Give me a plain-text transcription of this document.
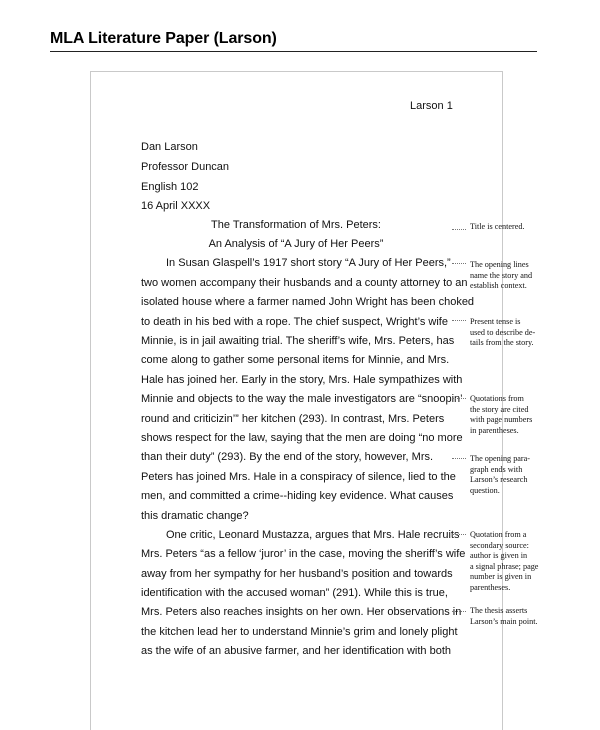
MLA Literature Paper (Larson)
Larson 1
Dan Larson
Professor Duncan
English 102
16 April XXXX
The Transformation of Mrs. Peters:
An Analysis of “A Jury of Her Peers”
In Susan Glaspell’s 1917 short story “A Jury of Her Peers,”
two women accompany their husbands and a county attorney to an
isolated house where a farmer named John Wright has been choked
to death in his bed with a rope. The chief suspect, Wright’s wife
Minnie, is in jail awaiting trial. The sheriff’s wife, Mrs. Peters, has
come along to gather some personal items for Minnie, and Mrs.
Hale has joined her. Early in the story, Mrs. Hale sympathizes with
Minnie and objects to the way the male investigators are “snoopin’
round and criticizin’” her kitchen (293). In contrast, Mrs. Peters
shows respect for the law, saying that the men are doing “no more
than their duty” (293). By the end of the story, however, Mrs.
Peters has joined Mrs. Hale in a conspiracy of silence, lied to the
men, and committed a crime--hiding key evidence. What causes
this dramatic change?
One critic, Leonard Mustazza, argues that Mrs. Hale recruits
Mrs. Peters “as a fellow ‘juror’ in the case, moving the sheriff’s wife
away from her sympathy for her husband’s position and towards
identification with the accused woman” (291). While this is true,
Mrs. Peters also reaches insights on her own. Her observations in
the kitchen lead her to understand Minnie’s grim and lonely plight
as the wife of an abusive farmer, and her identification with both
Title is centered.
The opening lines
name the story and
establish context.
Present tense is
used to describe de-
tails from the story.
Quotations from
the story are cited
with page numbers
in parentheses.
The opening para-
graph ends with
Larson’s research
question.
Quotation from a
secondary source:
author is given in
a signal phrase; page
number is given in
parentheses.
The thesis asserts
Larson’s main point.
